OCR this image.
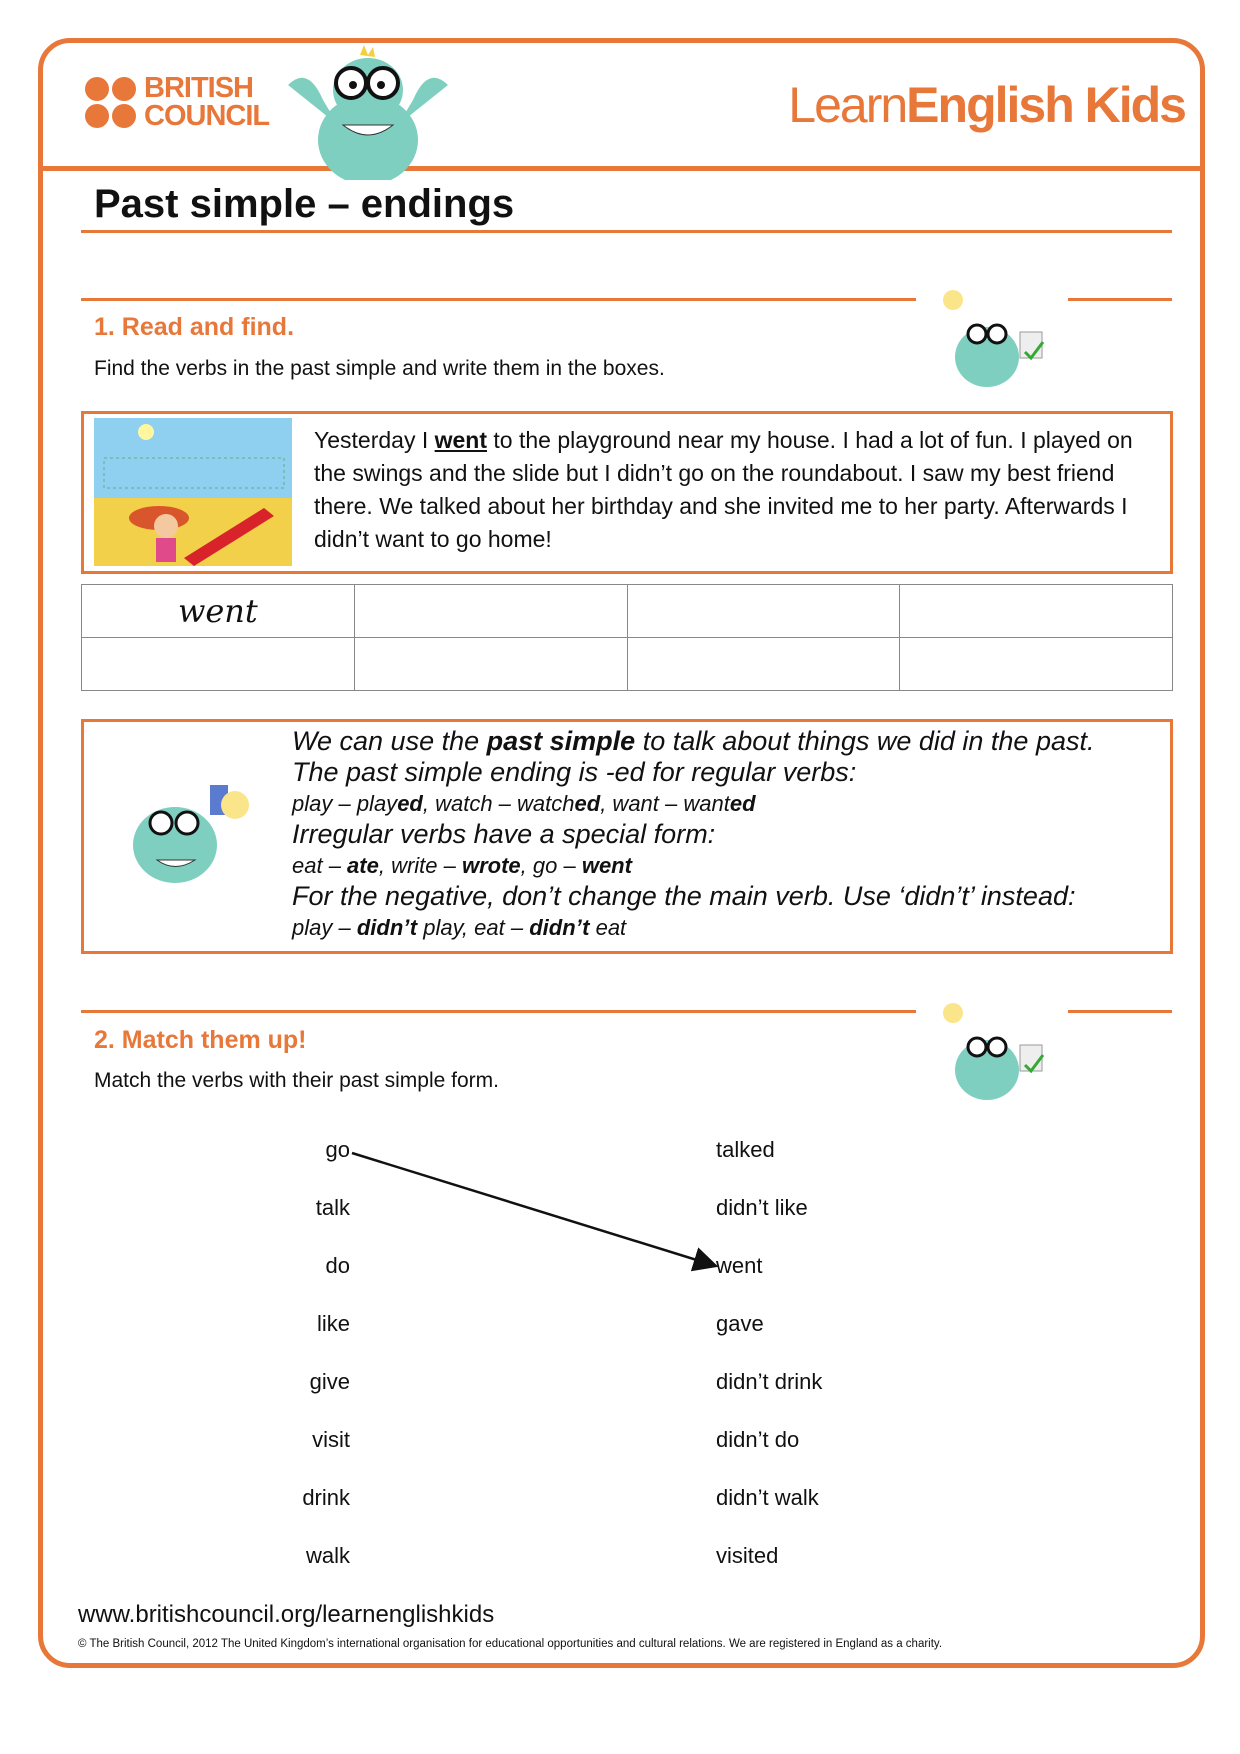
BRITISH
COUNCIL	LearnEnglish Kids
Past simple – endings
1. Read and find.
Find the verbs in the past simple and write them in the boxes.
Yesterday I went to the playground near my house. I had a lot of fun. I played on the swings and the slide but I didn’t go on the roundabout. I saw my best friend there. We talked about her birthday and she invited me to her party. Afterwards I didn’t want to go home!
went			

We can use the past simple to talk about things we did in the past.
The past simple ending is -ed for regular verbs:
play – played, watch – watched, want – wanted
Irregular verbs have a special form:
eat – ate, write – wrote, go – went
For the negative, don’t change the main verb. Use ‘didn’t’ instead:
play – didn’t play, eat – didn’t eat
2. Match them up!
Match the verbs with their past simple form.
go	talked
talk	didn’t like
do	went
like	gave
give	didn’t drink
visit	didn’t do
drink	didn’t walk
walk	visited
www.britishcouncil.org/learnenglishkids
© The British Council, 2012 The United Kingdom’s international organisation for educational opportunities and cultural relations. We are registered in England as a charity.
